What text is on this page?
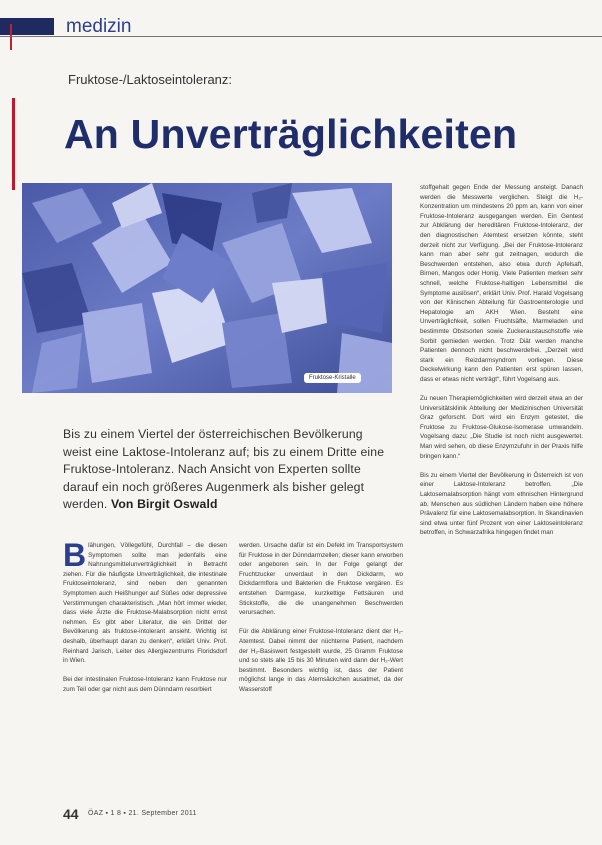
medizin
Fruktose-/Laktoseintoleranz:
An Unverträglichkeiten
Fruktose-Kristalle
Bis zu einem Viertel der österreichischen Bevölkerung weist eine Laktose-Intoleranz auf; bis zu einem Dritte eine Fruktose-Intoleranz. Nach Ansicht von Experten sollte darauf ein noch größeres Augenmerk als bisher gelegt werden. Von Birgit Oswald

Blähungen, Völlegefühl, Durchfall – die diesen Symptomen sollte man jedenfalls eine Nahrungsmittelunverträglichkeit in Betracht ziehen. Für die häufigste Unverträglichkeit, die intestinale Fruktoseintoleranz, sind neben den genannten Symptomen auch Heißhunger auf Süßes oder depressive Verstimmungen charakteristisch. „Man hört immer wieder, dass viele Ärzte die Fruktose-Malabsorption nicht ernst nehmen. Es gibt aber Literatur, die ein Drittel der Bevölkerung als fruktose-intolerant ansieht. Wichtig ist deshalb, überhaupt daran zu denken“, erklärt Univ. Prof. Reinhard Jarisch, Leiter des Allergiezentrums Floridsdorf in Wien.

Bei der intestinalen Fruktose-Intoleranz kann Fruktose nur zum Teil oder gar nicht aus dem Dünndarm resorbiert

werden. Ursache dafür ist ein Defekt im Transportsystem für Fruktose in der Dünndarmzellen; dieser kann erworben oder angeboren sein. In der Folge gelangt der Fruchtzucker unverdaut in den Dickdarm, wo Dickdarmflora und Bakterien die Fruktose vergären. Es entstehen Darmgase, kurzkettige Fettsäuren und Stickstoffe, die die unangenehmen Beschwerden verursachen.

Für die Abklärung einer Fruktose-Intoleranz dient der H₂-Atemtest. Dabei nimmt der nüchterne Patient, nachdem der H₂-Basiswert festgestellt wurde, 25 Gramm Fruktose und so stets alle 15 bis 30 Minuten wird dann der H₂-Wert bestimmt. Besonders wichtig ist, dass der Patient möglichst lange in das Atemsäckchen ausatmet, da der Wasserstoff

stoffgehalt gegen Ende der Messung ansteigt. Danach werden die Messwerte verglichen. Steigt die H₂-Konzentration um mindestens 20 ppm an, kann von einer Fruktose-Intoleranz ausgegangen werden. Ein Gentest zur Abklärung der hereditären Fruktose-Intoleranz, der den diagnostischen Atemtest ersetzen könnte, steht derzeit nicht zur Verfügung. „Bei der Fruktose-Intoleranz kann man aber sehr gut zeitnagen, wodurch die Beschwerden entstehen, also etwa durch Apfelsaft, Birnen, Mangos oder Honig. Viele Patienten merken sehr schnell, welche Fruktose-haltigen Lebensmittel die Symptome auslösen“, erklärt Univ. Prof. Harald Vogelsang von der Klinischen Abteilung für Gastroenterologie und Hepatologie am AKH Wien. Besteht eine Unverträglichkeit, sollen Fruchtsäfte, Marmeladen und bestimmte Obstsorten sowie Zuckeraustauschstoffe wie Sorbit gemieden werden. Trotz Diät werden manche Patienten dennoch nicht beschwerdefrei. „Derzeit wird stark ein Reizdarmsyndrom vorliegen. Diese Deckelwirkung kann den Patienten erst spüren lassen, dass er etwas nicht verträgt“, führt Vogelsang aus.

Zu neuen Therapiemöglichkeiten wird derzeit etwa an der Universitätsklinik Abteilung der Medizinischen Universität Graz geforscht. Dort wird ein Enzym getestet, die Fruktose zu Fruktose-Glukose-Isomerase umwandeln. Vogelsang dazu: „Die Studie ist noch nicht ausgewertet. Man wird sehen, ob diese Enzymzufuhr in der Praxis hilfe bringen kann.“

Bis zu einem Viertel der Bevölkerung in Österreich ist von einer Laktose-Intoleranz betroffen. „Die Laktosemalabsorption hängt vom ethnischen Hintergrund ab. Menschen aus südlichen Ländern haben eine höhere Prävalenz für eine Laktosemalabsorption. In Skandinavien sind etwa unter fünf Prozent von einer Laktoseintoleranz betroffen, in Schwarzafrika hingegen findet man

44 ÖAZ ▪ 1 8 ▪ 21. September 2011
